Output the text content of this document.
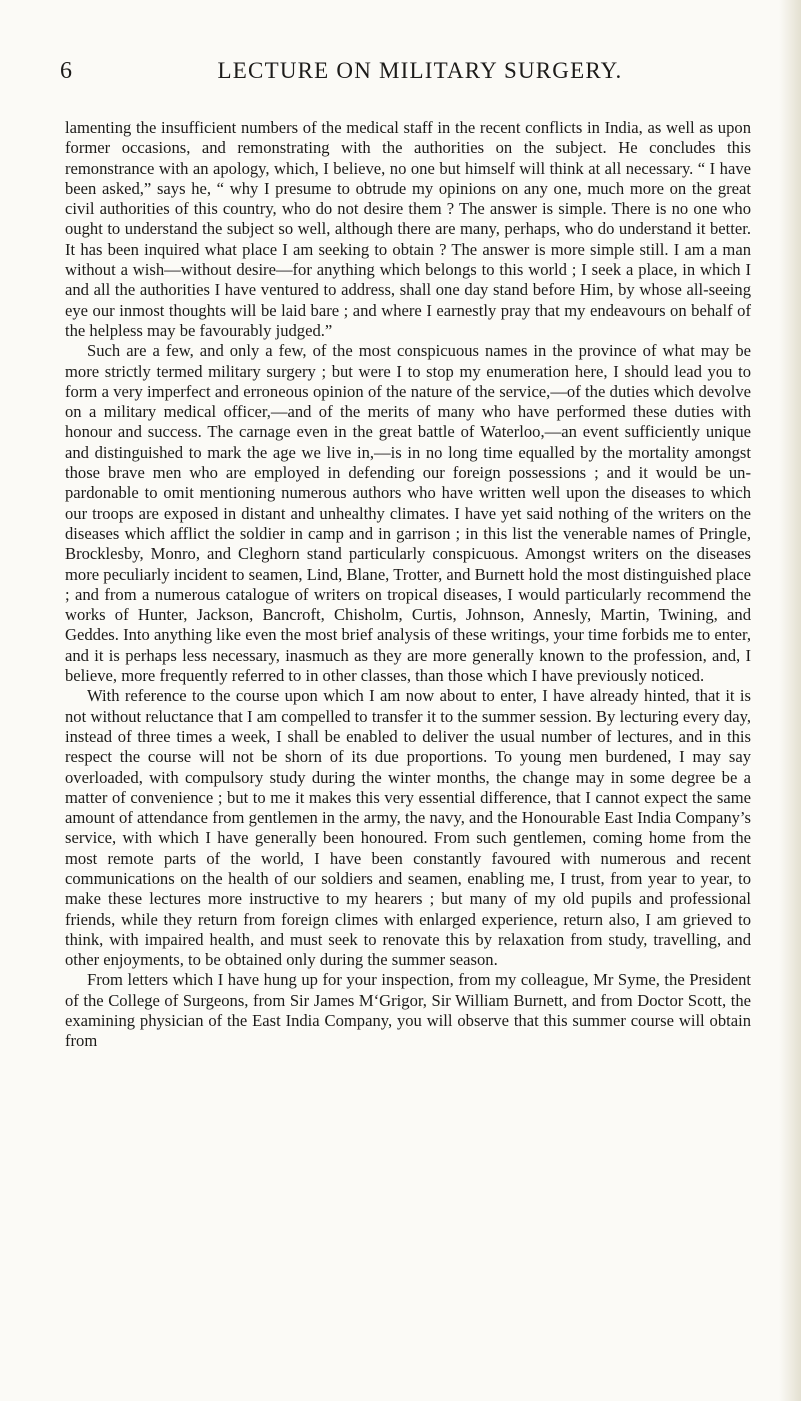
6	LECTURE ON MILITARY SURGERY.

lamenting the insufficient numbers of the medical staff in the recent conflicts in India, as well as upon former occasions, and remonstrating with the authorities on the subject. He concludes this remonstrance with an apology, which, I believe, no one but himself will think at all necessary. “ I have been asked,” says he, “ why I presume to obtrude my opinions on any one, much more on the great civil authorities of this country, who do not desire them ? The answer is simple. There is no one who ought to understand the subject so well, although there are many, perhaps, who do understand it better. It has been inquired what place I am seeking to obtain ? The answer is more simple still. I am a man without a wish—without desire—for anything which belongs to this world ; I seek a place, in which I and all the authorities I have ventured to address, shall one day stand before Him, by whose all-seeing eye our inmost thoughts will be laid bare ; and where I earnestly pray that my endeavours on behalf of the helpless may be favourably judged.”

Such are a few, and only a few, of the most conspicuous names in the province of what may be more strictly termed military surgery ; but were I to stop my enumeration here, I should lead you to form a very imperfect and erroneous opinion of the nature of the service,—of the duties which devolve on a military medical officer,—and of the merits of many who have performed these duties with honour and success. The carnage even in the great battle of Waterloo,—an event sufficiently unique and distinguished to mark the age we live in,—is in no long time equalled by the mortality amongst those brave men who are employed in defending our foreign possessions ; and it would be unpardonable to omit mentioning numerous authors who have written well upon the diseases to which our troops are exposed in distant and unhealthy climates. I have yet said nothing of the writers on the diseases which afflict the soldier in camp and in garrison ; in this list the venerable names of Pringle, Brocklesby, Monro, and Cleghorn stand particularly conspicuous. Amongst writers on the diseases more peculiarly incident to seamen, Lind, Blane, Trotter, and Burnett hold the most distinguished place ; and from a numerous catalogue of writers on tropical diseases, I would particularly recommend the works of Hunter, Jackson, Bancroft, Chisholm, Curtis, Johnson, Annesly, Martin, Twining, and Geddes. Into anything like even the most brief analysis of these writings, your time forbids me to enter, and it is perhaps less necessary, inasmuch as they are more generally known to the profession, and, I believe, more frequently referred to in other classes, than those which I have previously noticed.

With reference to the course upon which I am now about to enter, I have already hinted, that it is not without reluctance that I am compelled to transfer it to the summer session. By lecturing every day, instead of three times a week, I shall be enabled to deliver the usual number of lectures, and in this respect the course will not be shorn of its due proportions. To young men burdened, I may say overloaded, with compulsory study during the winter months, the change may in some degree be a matter of convenience ; but to me it makes this very essential difference, that I cannot expect the same amount of attendance from gentlemen in the army, the navy, and the Honourable East India Company’s service, with which I have generally been honoured. From such gentlemen, coming home from the most remote parts of the world, I have been constantly favoured with numerous and recent communications on the health of our soldiers and seamen, enabling me, I trust, from year to year, to make these lectures more instructive to my hearers ; but many of my old pupils and professional friends, while they return from foreign climes with enlarged experience, return also, I am grieved to think, with impaired health, and must seek to renovate this by relaxation from study, travelling, and other enjoyments, to be obtained only during the summer season.

From letters which I have hung up for your inspection, from my colleague, Mr Syme, the President of the College of Surgeons, from Sir James M‘Grigor, Sir William Burnett, and from Doctor Scott, the examining physician of the East India Company, you will observe that this summer course will obtain from
